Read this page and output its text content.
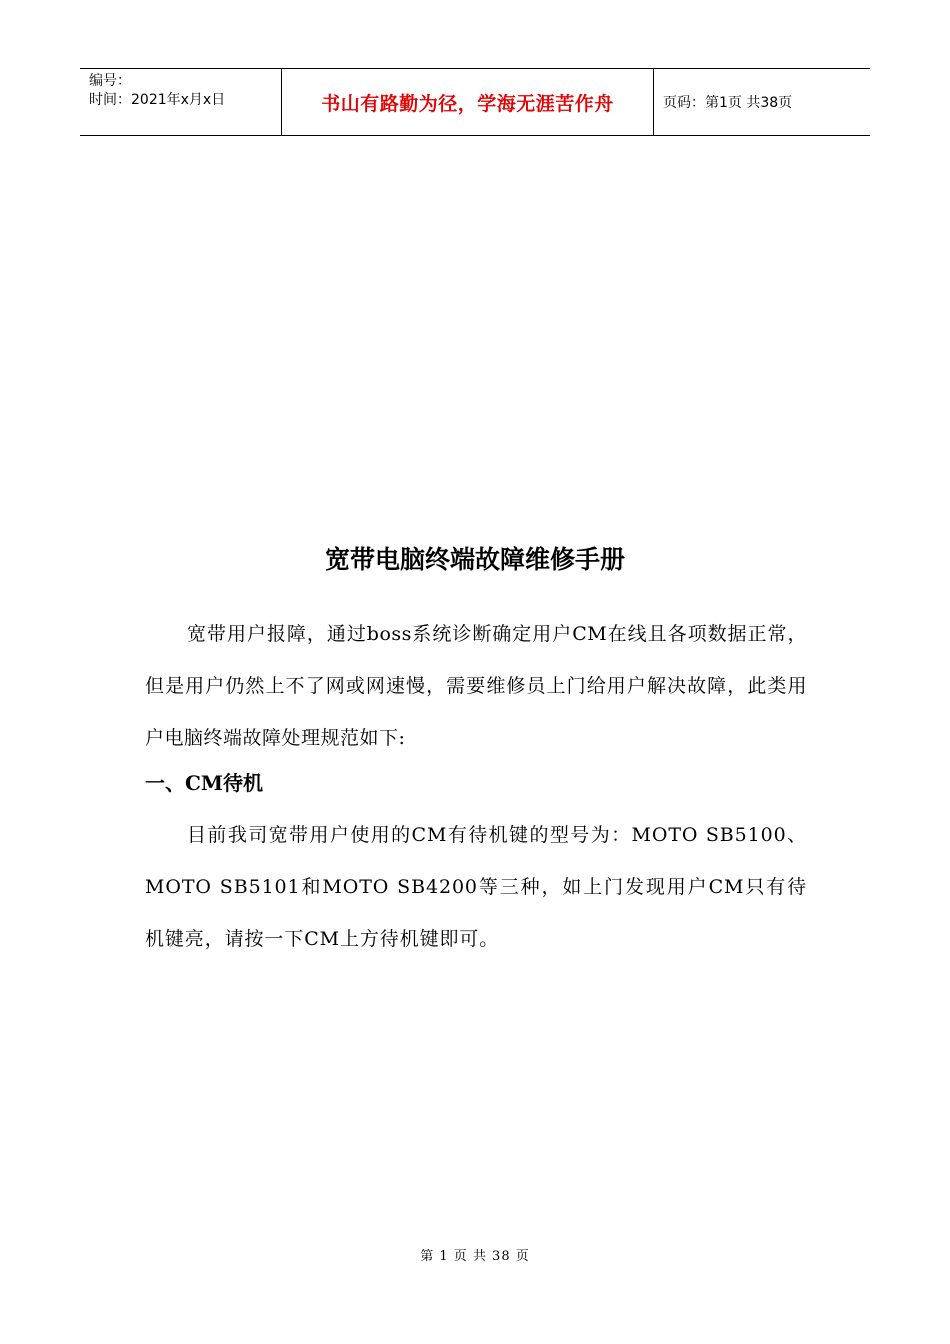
编号：
时间：2021年x月x日	书山有路勤为径，学海无涯苦作舟	页码：第1页 共38页
宽带电脑终端故障维修手册

宽带用户报障，通过boss系统诊断确定用户CM在线且各项数据正常，但是用户仍然上不了网或网速慢，需要维修员上门给用户解决故障，此类用户电脑终端故障处理规范如下:

一、CM待机

目前我司宽带用户使用的CM有待机键的型号为：MOTO SB5100、MOTO SB5101和MOTO SB4200等三种，如上门发现用户CM只有待机键亮，请按一下CM上方待机键即可。

第 1 页 共 38 页
